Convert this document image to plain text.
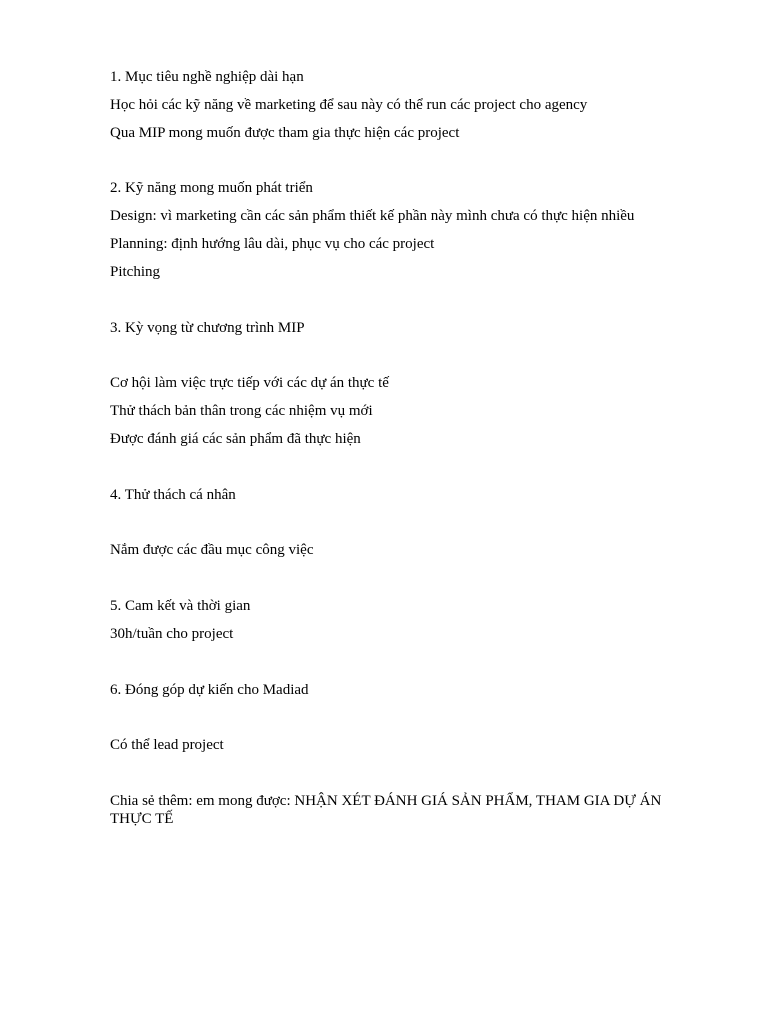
1. Mục tiêu nghề nghiệp dài hạn
Học hỏi các kỹ năng về marketing để sau này có thể run các project cho agency
Qua MIP mong muốn được tham gia thực hiện các project
2. Kỹ năng mong muốn phát triển
Design: vì marketing cần các sản phẩm thiết kế phần này mình chưa có thực hiện nhiều
Planning: định hướng lâu dài, phục vụ cho các project
Pitching
3. Kỳ vọng từ chương trình MIP
Cơ hội làm việc trực tiếp với các dự án thực tế
Thử thách bản thân trong các nhiệm vụ mới
Được đánh giá các sản phẩm đã thực hiện
4. Thử thách cá nhân
Nắm được các đầu mục công việc
5. Cam kết và thời gian
30h/tuần cho project
6. Đóng góp dự kiến cho Madiad
Có thể lead project
Chia sẻ thêm: em mong được: NHẬN XÉT ĐÁNH GIÁ SẢN PHẨM, THAM GIA DỰ ÁN THỰC TẾ
